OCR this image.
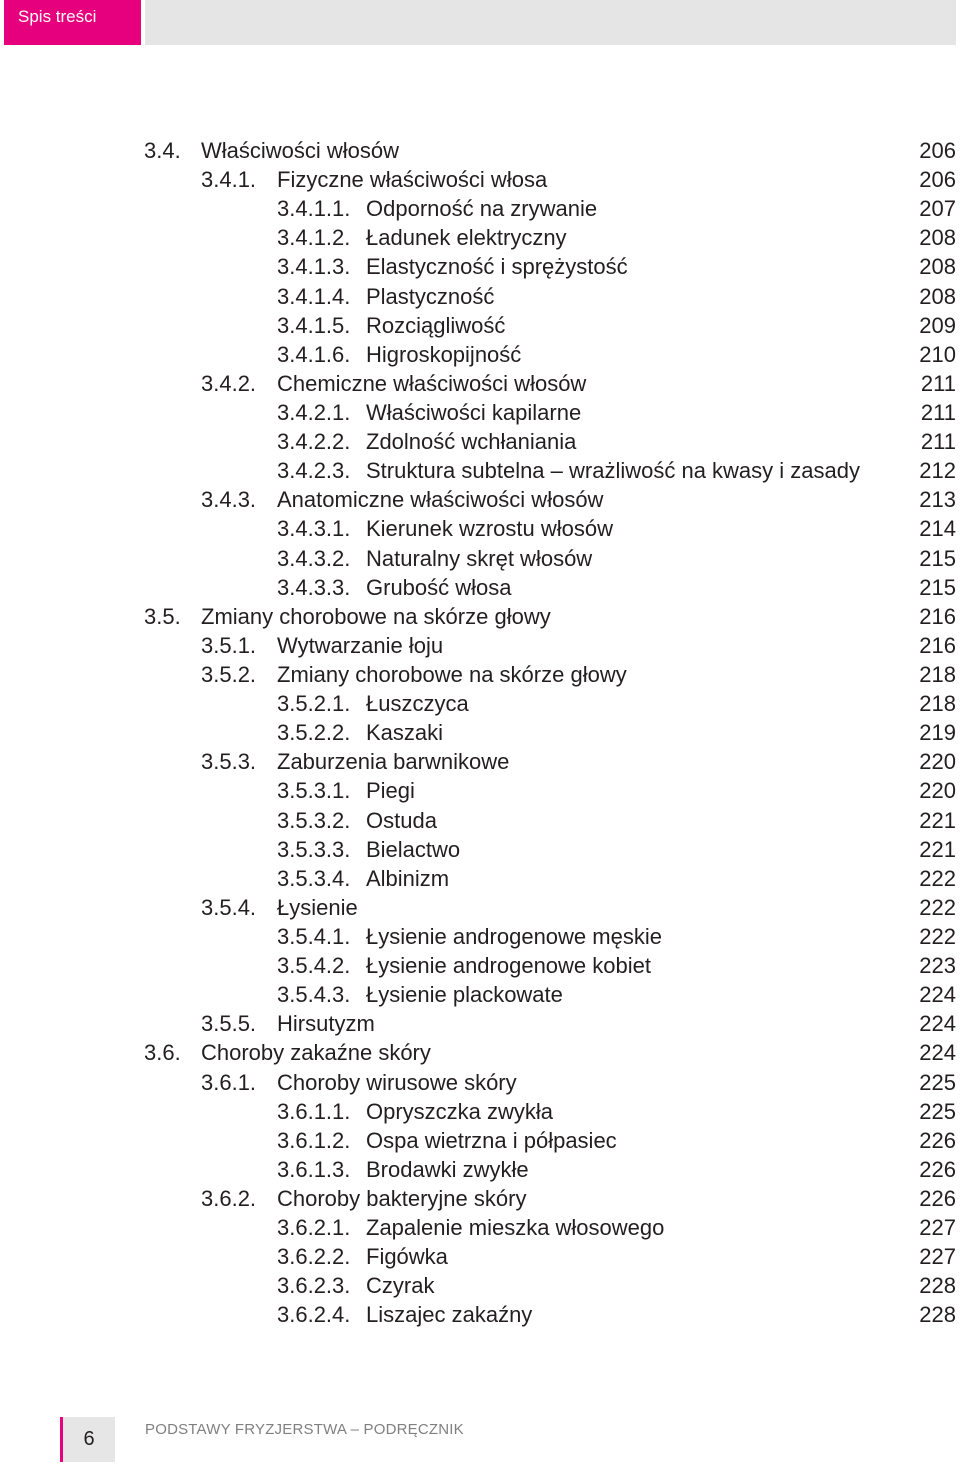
Spis treści
3.4. Właściwości włosów	206
3.4.1. Fizyczne właściwości włosa	206
3.4.1.1. Odporność na zrywanie	207
3.4.1.2. Ładunek elektryczny	208
3.4.1.3. Elastyczność i sprężystość	208
3.4.1.4. Plastyczność	208
3.4.1.5. Rozciągliwość	209
3.4.1.6. Higroskopijność	210
3.4.2. Chemiczne właściwości włosów	211
3.4.2.1. Właściwości kapilarne	211
3.4.2.2. Zdolność wchłaniania	211
3.4.2.3. Struktura subtelna – wrażliwość na kwasy i zasady	212
3.4.3. Anatomiczne właściwości włosów	213
3.4.3.1. Kierunek wzrostu włosów	214
3.4.3.2. Naturalny skręt włosów	215
3.4.3.3. Grubość włosa	215
3.5. Zmiany chorobowe na skórze głowy	216
3.5.1. Wytwarzanie łoju	216
3.5.2. Zmiany chorobowe na skórze głowy	218
3.5.2.1. Łuszczyca	218
3.5.2.2. Kaszaki	219
3.5.3. Zaburzenia barwnikowe	220
3.5.3.1. Piegi	220
3.5.3.2. Ostuda	221
3.5.3.3. Bielactwo	221
3.5.3.4. Albinizm	222
3.5.4. Łysienie	222
3.5.4.1. Łysienie androgenowe męskie	222
3.5.4.2. Łysienie androgenowe kobiet	223
3.5.4.3. Łysienie plackowate	224
3.5.5. Hirsutyzm	224
3.6. Choroby zakaźne skóry	224
3.6.1. Choroby wirusowe skóry	225
3.6.1.1. Opryszczka zwykła	225
3.6.1.2. Ospa wietrzna i półpasiec	226
3.6.1.3. Brodawki zwykłe	226
3.6.2. Choroby bakteryjne skóry	226
3.6.2.1. Zapalenie mieszka włosowego	227
3.6.2.2. Figówka	227
3.6.2.3. Czyrak	228
3.6.2.4. Liszajec zakaźny	228
6	PODSTAWY FRYZJERSTWA – PODRĘCZNIK
